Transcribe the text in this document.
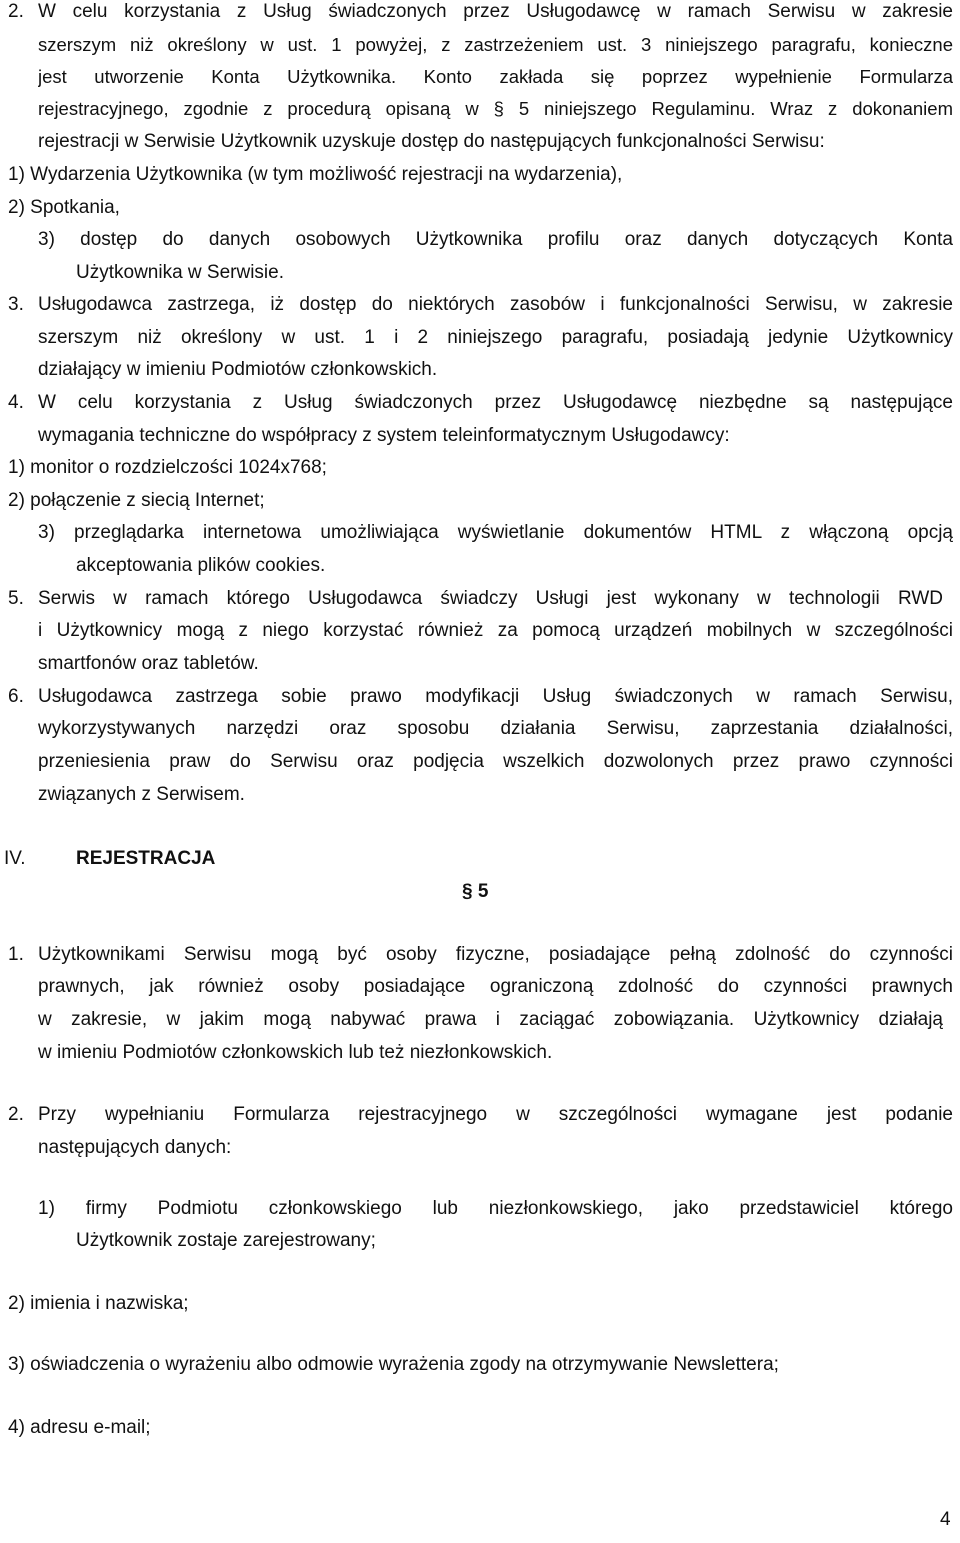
2. W celu korzystania z Usług świadczonych przez Usługodawcę w ramach Serwisu w zakresie
szerszym niż określony w ust. 1 powyżej, z zastrzeżeniem ust. 3 niniejszego paragrafu, konieczne
jest utworzenie Konta Użytkownika. Konto zakłada się poprzez wypełnienie Formularza
rejestracyjnego, zgodnie z procedurą opisaną w § 5 niniejszego Regulaminu. Wraz z dokonaniem
rejestracji w Serwisie Użytkownik uzyskuje dostęp do następujących funkcjonalności Serwisu:
1) Wydarzenia Użytkownika (w tym możliwość rejestracji na wydarzenia),
2) Spotkania,
3) dostęp do danych osobowych Użytkownika profilu oraz danych dotyczących Konta
Użytkownika w Serwisie.
3. Usługodawca zastrzega, iż dostęp do niektórych zasobów i funkcjonalności Serwisu, w zakresie
szerszym niż określony w ust. 1 i 2 niniejszego paragrafu, posiadają jedynie Użytkownicy
działający w imieniu Podmiotów członkowskich.
4. W celu korzystania z Usług świadczonych przez Usługodawcę niezbędne są następujące
wymagania techniczne do współpracy z system teleinformatycznym Usługodawcy:
1) monitor o rozdzielczości 1024x768;
2) połączenie z siecią Internet;
3) przeglądarka internetowa umożliwiająca wyświetlanie dokumentów HTML z włączoną opcją
akceptowania plików cookies.
5. Serwis w ramach którego Usługodawca świadczy Usługi jest wykonany w technologii RWD
i Użytkownicy mogą z niego korzystać również za pomocą urządzeń mobilnych w szczególności
smartfonów oraz tabletów.
6. Usługodawca zastrzega sobie prawo modyfikacji Usług świadczonych w ramach Serwisu,
wykorzystywanych narzędzi oraz sposobu działania Serwisu, zaprzestania działalności,
przeniesienia praw do Serwisu oraz podjęcia wszelkich dozwolonych przez prawo czynności
związanych z Serwisem.
IV.	REJESTRACJA
§ 5
1. Użytkownikami Serwisu mogą być osoby fizyczne, posiadające pełną zdolność do czynności
prawnych, jak również osoby posiadające ograniczoną zdolność do czynności prawnych
w zakresie, w jakim mogą nabywać prawa i zaciągać zobowiązania. Użytkownicy działają
w imieniu Podmiotów członkowskich lub też niezłonkowskich.
2. Przy wypełnianiu Formularza rejestracyjnego w szczególności wymagane jest podanie
następujących danych:
1) firmy Podmiotu członkowskiego lub niezłonkowskiego, jako przedstawiciel którego
Użytkownik zostaje zarejestrowany;
2) imienia i nazwiska;
3) oświadczenia o wyrażeniu albo odmowie wyrażenia zgody na otrzymywanie Newslettera;
4) adresu e-mail;
4
